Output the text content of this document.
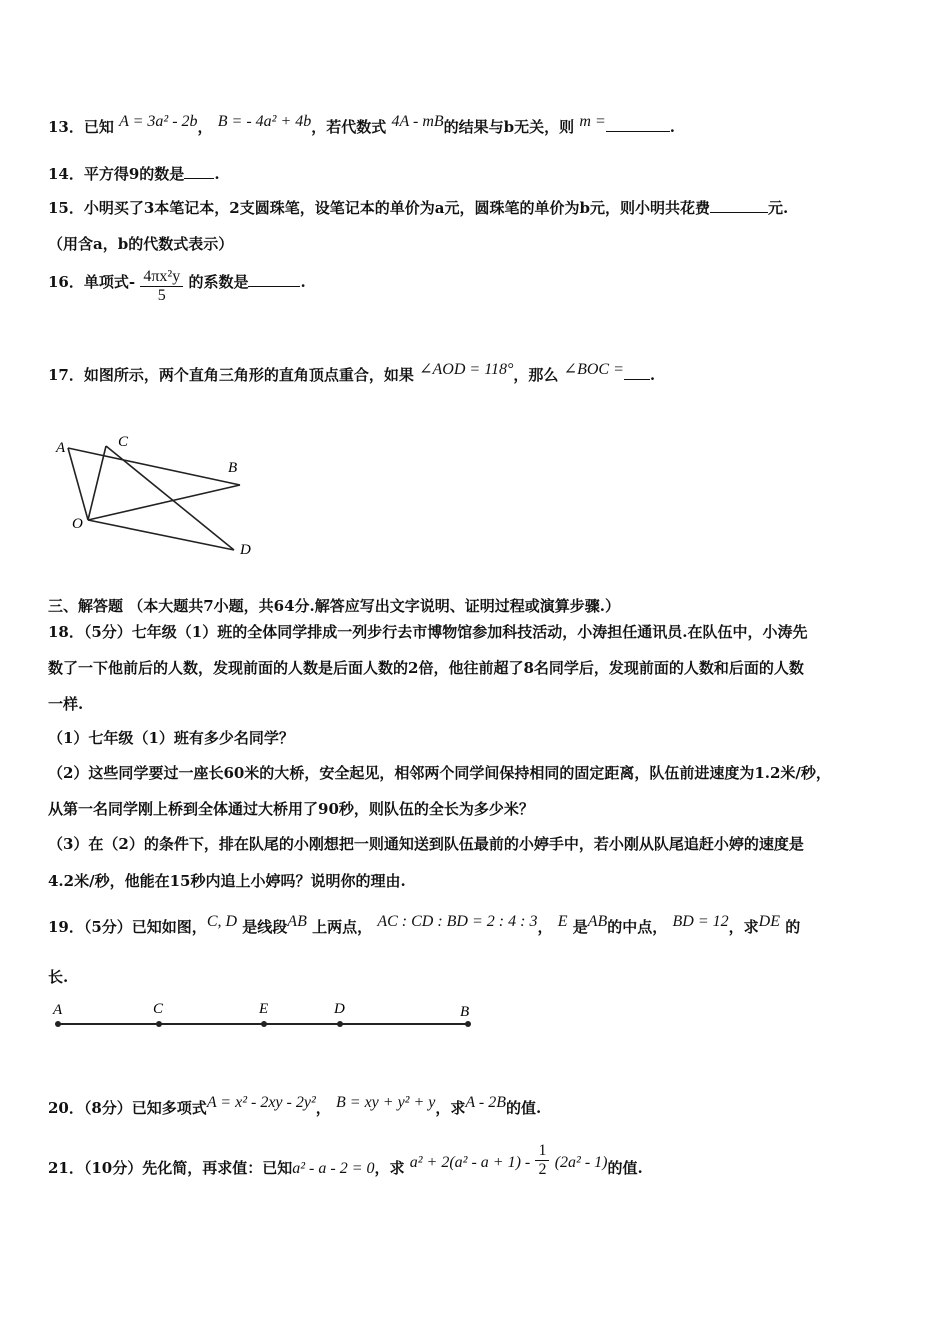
13．已知 A = 3a² - 2b， B = - 4a² + 4b，若代数式 4A - mB的结果与b无关，则 m =	.
14．平方得9的数是 .
15．小明买了3本笔记本，2支圆珠笔，设笔记本的单价为a元，圆珠笔的单价为b元，则小明共花费	元.
（用含a，b的代数式表示）
16．单项式- $\frac{\text{4πx²y}}{5}$ 的系数是	.
17．如图所示，两个直角三角形的直角顶点重合，如果 ∠AOD = 118°，那么 ∠BOC = .
A	C
B
O
D
三、解答题 （本大题共7小题，共64分.解答应写出文字说明、证明过程或演算步骤.）
18．（5分）七年级（1）班的全体同学排成一列步行去市博物馆参加科技活动，小涛担任通讯员.在队伍中，小涛先
数了一下他前后的人数，发现前面的人数是后面人数的2倍，他往前超了8名同学后，发现前面的人数和后面的人数
一样.
（1）七年级（1）班有多少名同学？
（2）这些同学要过一座长60米的大桥，安全起见，相邻两个同学间保持相同的固定距离，队伍前进速度为1.2米/秒，
从第一名同学刚上桥到全体通过大桥用了90秒，则队伍的全长为多少米？
（3）在（2）的条件下，排在队尾的小刚想把一则通知送到队伍最前的小婷手中，若小刚从队尾追赶小婷的速度是
4.2米/秒，他能在15秒内追上小婷吗？说明你的理由.
19．（5分）已知如图，C, D 是线段AB 上两点， AC : CD : BD = 2 : 4 : 3， E 是AB的中点， BD = 12，求DE 的
长.
A	C	E	D	B
20．（8分）已知多项式A = x² - 2xy - 2y²， B = xy + y² + y，求A - 2B的值.
21．（10分）先化简，再求值：已知a² - a - 2 = 0，求 $a^2 + 2(a^2 - a + 1) - \frac{1}{2} (2a^2 - 1)$的值.
